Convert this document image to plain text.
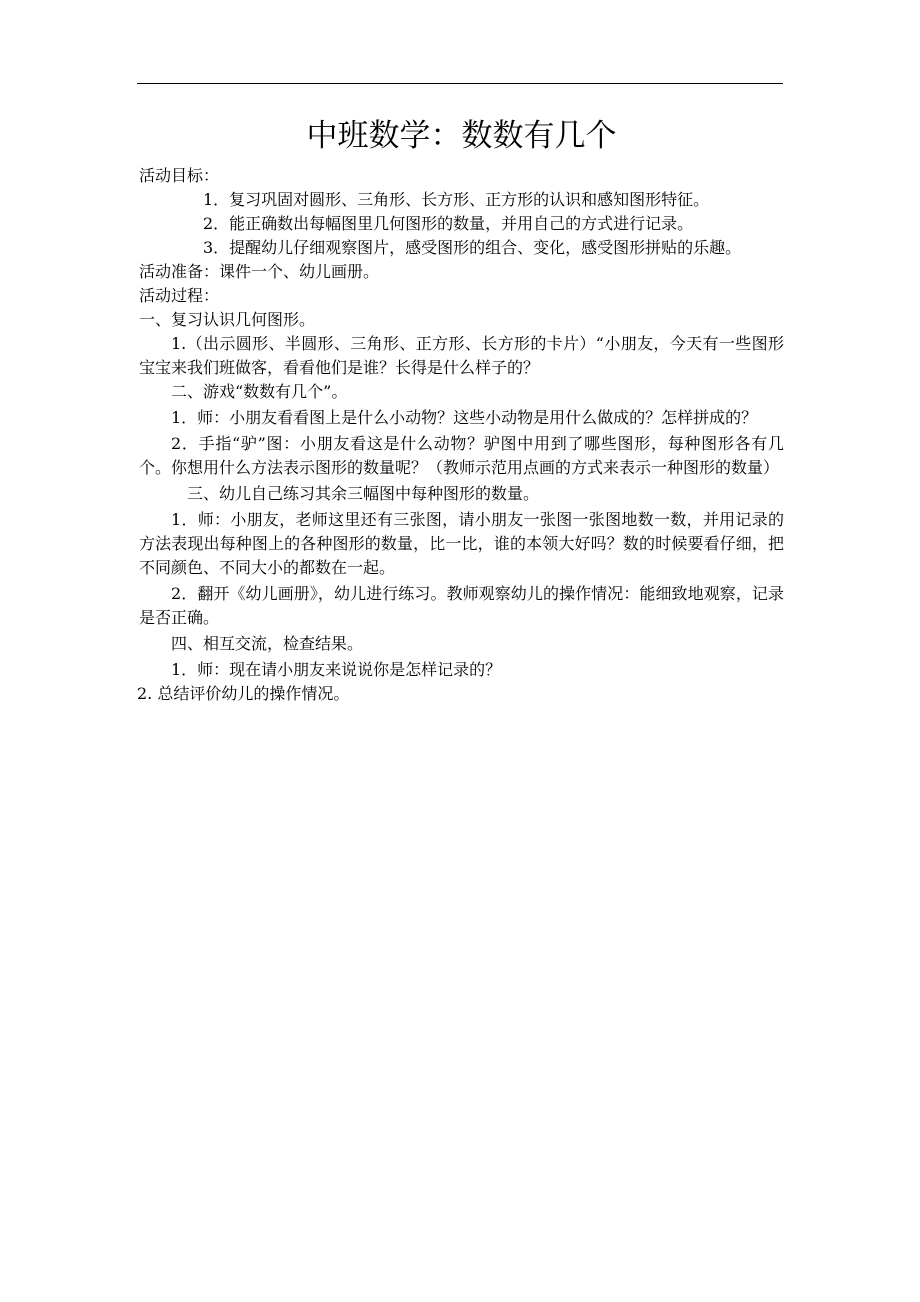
中班数学：数数有几个

活动目标：

1．复习巩固对圆形、三角形、长方形、正方形的认识和感知图形特征。

2．能正确数出每幅图里几何图形的数量，并用自己的方式进行记录。

3．提醒幼儿仔细观察图片，感受图形的组合、变化，感受图形拼贴的乐趣。

活动准备：课件一个、幼儿画册。

活动过程：

一、复习认识几何图形。

1.（出示圆形、半圆形、三角形、正方形、长方形的卡片）“小朋友，今天有一些图形宝宝来我们班做客，看看他们是谁？长得是什么样子的？

二、游戏“数数有几个”。

1．师：小朋友看看图上是什么小动物？这些小动物是用什么做成的？怎样拼成的？

2．手指“驴”图：小朋友看这是什么动物？驴图中用到了哪些图形，每种图形各有几个。你想用什么方法表示图形的数量呢？（教师示范用点画的方式来表示一种图形的数量）

三、幼儿自己练习其余三幅图中每种图形的数量。

1．师：小朋友，老师这里还有三张图，请小朋友一张图一张图地数一数，并用记录的方法表现出每种图上的各种图形的数量，比一比，谁的本领大好吗？数的时候要看仔细，把不同颜色、不同大小的都数在一起。

2．翻开《幼儿画册》，幼儿进行练习。教师观察幼儿的操作情况：能细致地观察，记录是否正确。

四、相互交流，检查结果。

1．师：现在请小朋友来说说你是怎样记录的？

2. 总结评价幼儿的操作情况。
